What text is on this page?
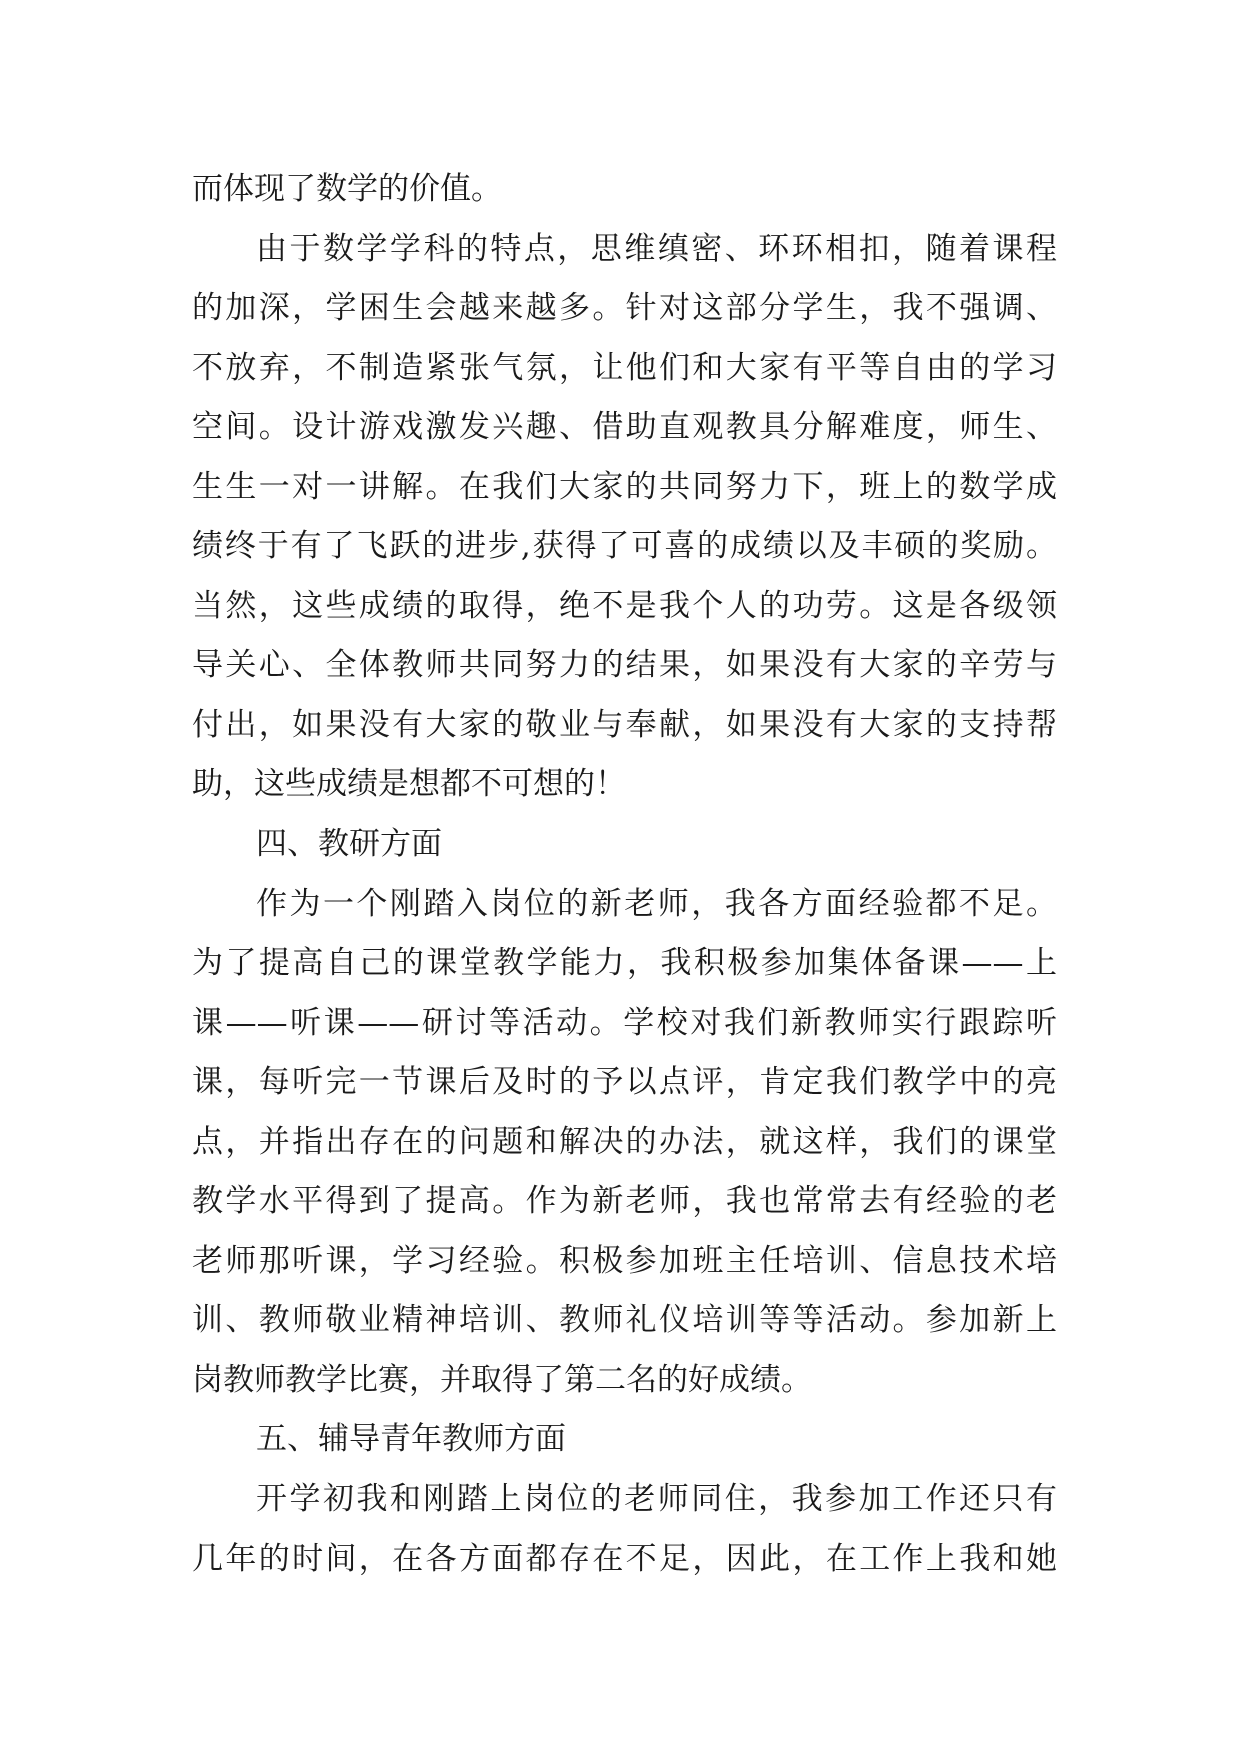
而体现了数学的价值。
由于数学学科的特点，思维缜密、环环相扣，随着课程
的加深，学困生会越来越多。针对这部分学生，我不强调、
不放弃，不制造紧张气氛，让他们和大家有平等自由的学习
空间。设计游戏激发兴趣、借助直观教具分解难度，师生、
生生一对一讲解。在我们大家的共同努力下，班上的数学成
绩终于有了飞跃的进步,获得了可喜的成绩以及丰硕的奖励。
当然，这些成绩的取得，绝不是我个人的功劳。这是各级领
导关心、全体教师共同努力的结果，如果没有大家的辛劳与
付出，如果没有大家的敬业与奉献，如果没有大家的支持帮
助，这些成绩是想都不可想的！
四、教研方面
作为一个刚踏入岗位的新老师，我各方面经验都不足。
为了提高自己的课堂教学能力，我积极参加集体备课——上
课——听课——研讨等活动。学校对我们新教师实行跟踪听
课，每听完一节课后及时的予以点评，肯定我们教学中的亮
点，并指出存在的问题和解决的办法，就这样，我们的课堂
教学水平得到了提高。作为新老师，我也常常去有经验的老
老师那听课，学习经验。积极参加班主任培训、信息技术培
训、教师敬业精神培训、教师礼仪培训等等活动。参加新上
岗教师教学比赛，并取得了第二名的好成绩。
五、辅导青年教师方面
开学初我和刚踏上岗位的老师同住，我参加工作还只有
几年的时间，在各方面都存在不足，因此，在工作上我和她
